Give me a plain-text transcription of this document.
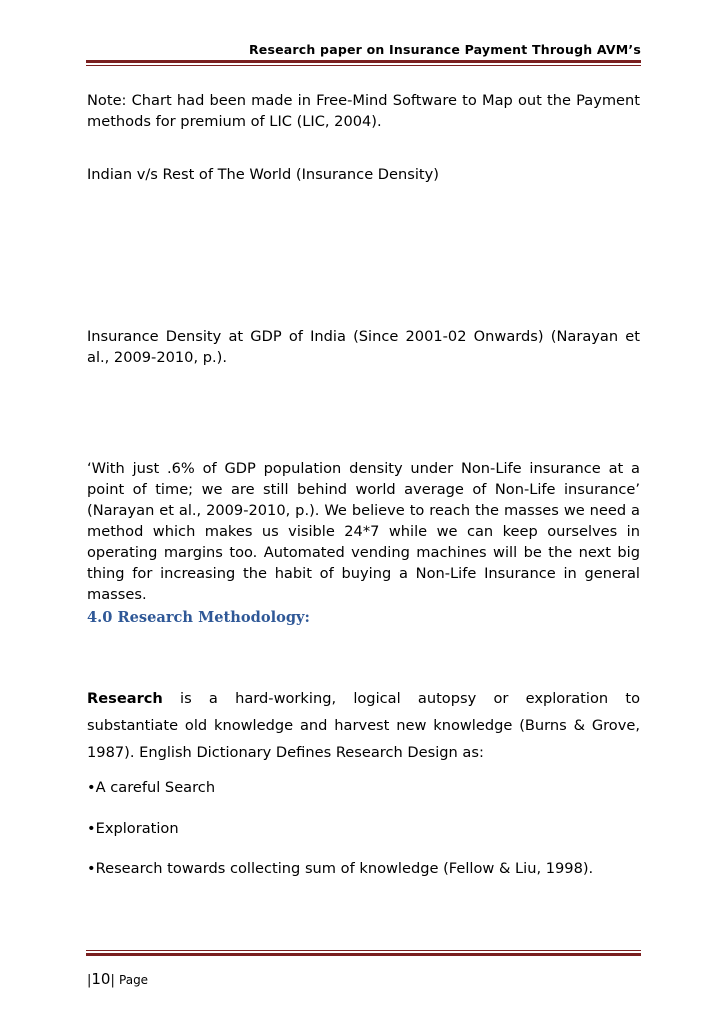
Research paper on Insurance Payment Through AVM’s

Note: Chart had been made in Free-Mind Software to Map out the Payment methods for premium of LIC (LIC, 2004).

Indian v/s Rest of The World (Insurance Density)

Insurance Density at GDP of India (Since 2001-02 Onwards) (Narayan et al., 2009-2010, p.).

‘With just .6% of GDP population density under Non-Life insurance at a point of time; we are still behind world average of Non-Life insurance’ (Narayan et al., 2009-2010, p.). We believe to reach the masses we need a method which makes us visible 24*7 while we can keep ourselves in operating margins too. Automated vending machines will be the next big thing for increasing the habit of buying a Non-Life Insurance in general masses.

4.0 Research Methodology:

Research is a hard-working, logical autopsy or exploration to
substantiate old knowledge and harvest new knowledge (Burns & Grove, 1987). English Dictionary Defines Research Design as:

•A careful Search

•Exploration

•Research towards collecting sum of knowledge (Fellow & Liu, 1998).

|10| Page
